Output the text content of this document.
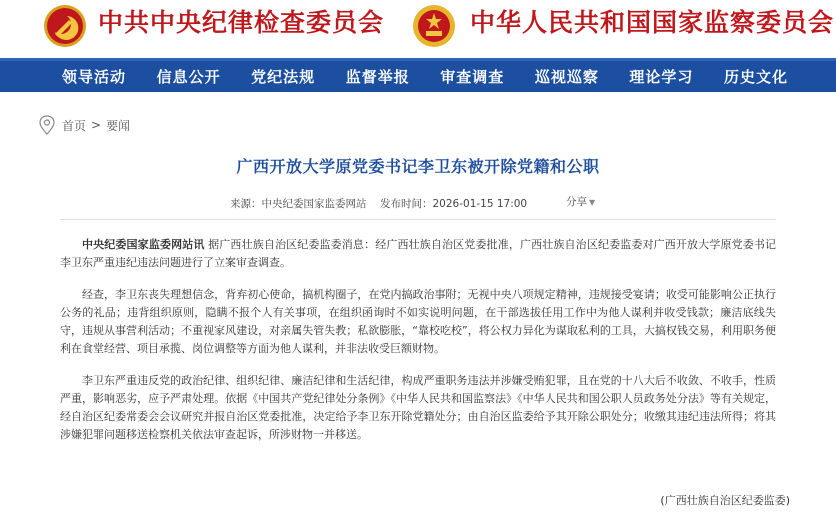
中共中央纪律检查委员会	中华人民共和国国家监察委员会
领导活动 信息公开 党纪法规 监督举报 审查调查 巡视巡察 理论学习 历史文化
首页 > 要闻
广西开放大学原党委书记李卫东被开除党籍和公职
来源：中央纪委国家监委网站 发布时间：2026-01-15 17:00	分享 ▼

中央纪委国家监委网站讯 据广西壮族自治区纪委监委消息：经广西壮族自治区党委批准，广西壮族自治区纪委监委对广西开放大学原党委书记李卫东严重违纪违法问题进行了立案审查调查。

经查，李卫东丧失理想信念，背弃初心使命，搞机构圈子，在党内搞政治事附；无视中央八项规定精神，违规接受宴请；收受可能影响公正执行公务的礼品；违背组织原则，隐瞒不报个人有关事项，在组织函询时不如实说明问题，在干部选拔任用工作中为他人谋利并收受钱款；廉洁底线失守，违规从事营利活动；不重视家风建设，对亲属失管失教；私欲膨胀，“靠校吃校”，将公权力异化为谋取私利的工具，大搞权钱交易，利用职务便利在食堂经营、项目承揽、岗位调整等方面为他人谋利，并非法收受巨额财物。

李卫东严重违反党的政治纪律、组织纪律、廉洁纪律和生活纪律，构成严重职务违法并涉嫌受贿犯罪，且在党的十八大后不收敛、不收手，性质严重，影响恶劣，应予严肃处理。依据《中国共产党纪律处分条例》《中华人民共和国监察法》《中华人民共和国公职人员政务处分法》等有关规定，经自治区纪委常委会会议研究并报自治区党委批准，决定给予李卫东开除党籍处分；由自治区监委给予其开除公职处分；收缴其违纪违法所得；将其涉嫌犯罪问题移送检察机关依法审查起诉，所涉财物一并移送。

(广西壮族自治区纪委监委)
